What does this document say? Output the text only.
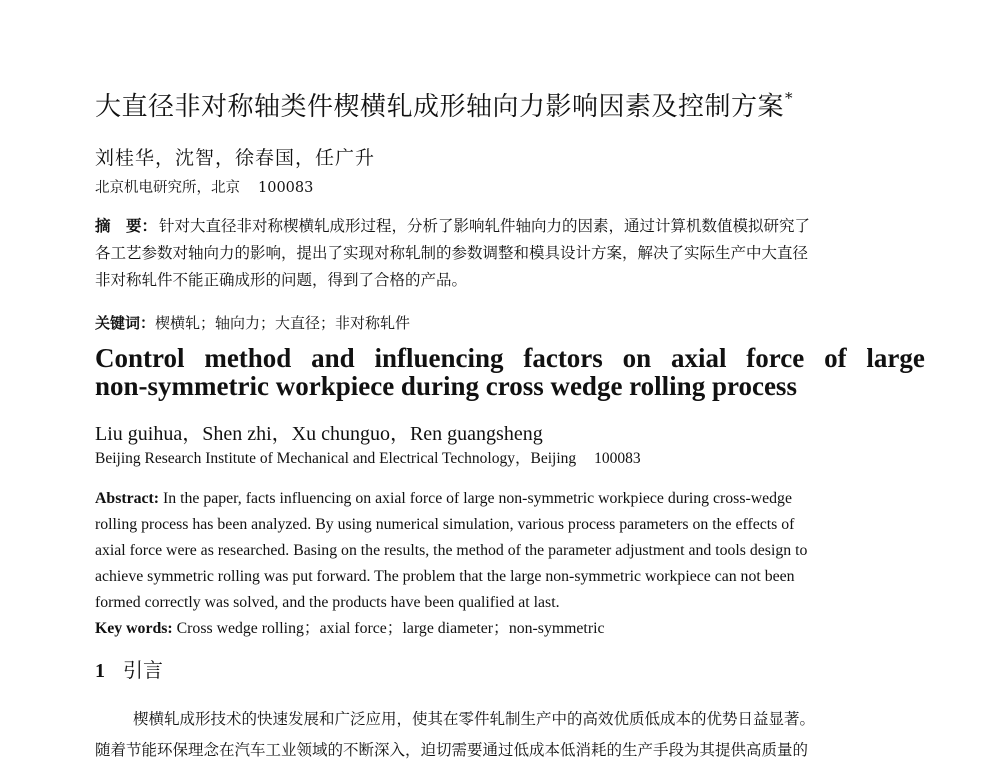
大直径非对称轴类件楔横轧成形轴向力影响因素及控制方案*
刘桂华，沈智，徐春国，任广升
北京机电研究所，北京 100083
摘　要： 针对大直径非对称楔横轧成形过程，分析了影响轧件轴向力的因素，通过计算机数值模拟研究了
各工艺参数对轴向力的影响，提出了实现对称轧制的参数调整和模具设计方案，解决了实际生产中大直径
非对称轧件不能正确成形的问题，得到了合格的产品。
关键词：楔横轧；轴向力；大直径；非对称轧件
Control method and influencing factors on axial force of large
non-symmetric workpiece during cross wedge rolling process
Liu guihua，Shen zhi，Xu chunguo，Ren guangsheng
Beijing Research Institute of Mechanical and Electrical Technology，Beijing 100083
Abstract: In the paper, facts influencing on axial force of large non-symmetric workpiece during cross-wedge
rolling process has been analyzed. By using numerical simulation, various process parameters on the effects of
axial force were as researched. Basing on the results, the method of the parameter adjustment and tools design to
achieve symmetric rolling was put forward. The problem that the large non-symmetric workpiece can not been
formed correctly was solved, and the products have been qualified at last.
Key words: Cross wedge rolling；axial force；large diameter；non-symmetric
1 引言
楔横轧成形技术的快速发展和广泛应用，使其在零件轧制生产中的高效优质低成本的优势日益显著。
随着节能环保理念在汽车工业领域的不断深入，迫切需要通过低成本低消耗的生产手段为其提供高质量的
